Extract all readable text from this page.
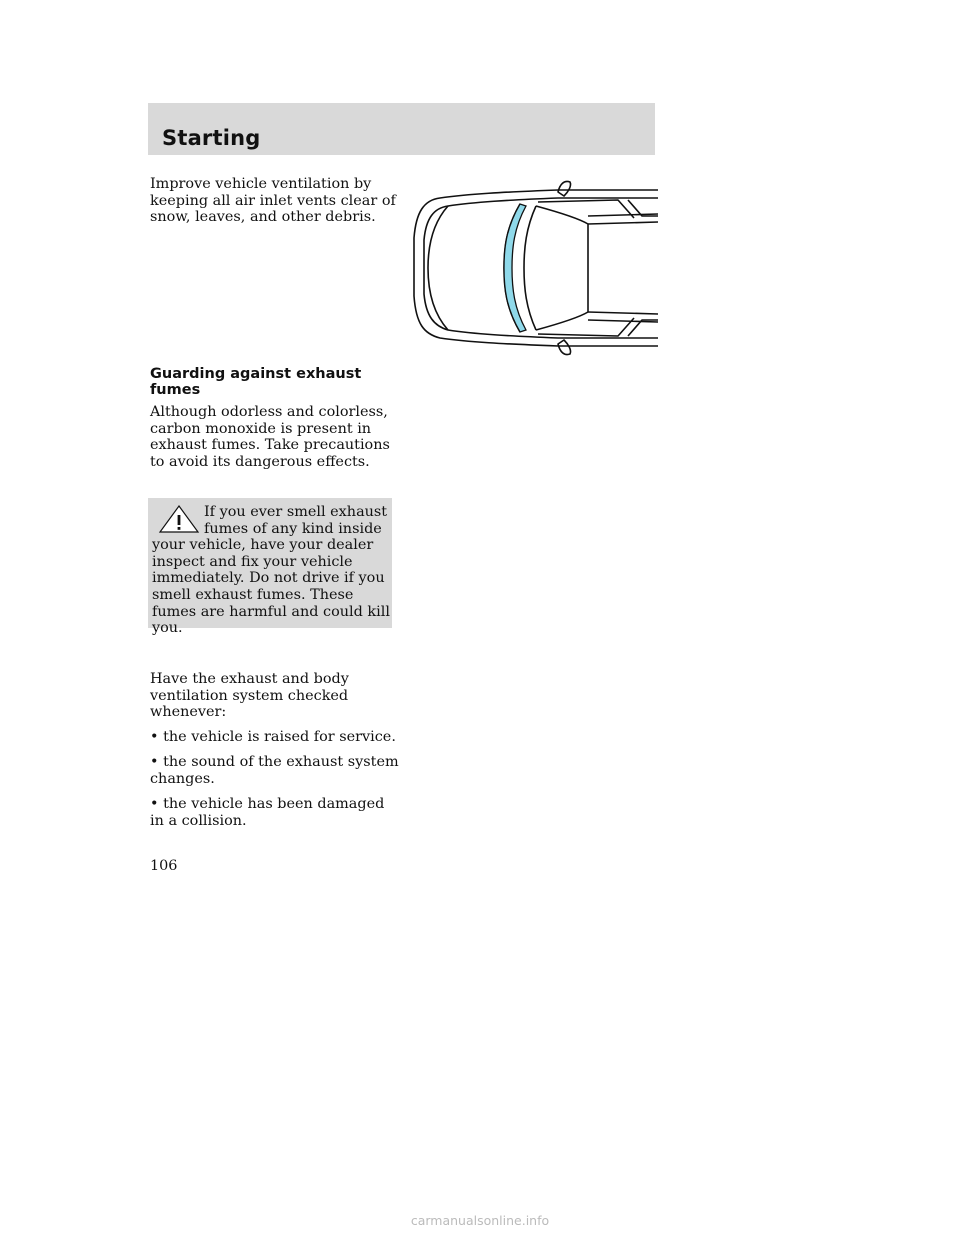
Starting
Improve vehicle ventilation by keeping all air inlet vents clear of snow, leaves, and other debris.
Guarding against exhaust fumes
Although odorless and colorless, carbon monoxide is present in exhaust fumes. Take precautions to avoid its dangerous effects.
If you ever smell exhaust fumes of any kind inside your vehicle, have your dealer inspect and fix your vehicle immediately. Do not drive if you smell exhaust fumes. These fumes are harmful and could kill you.
Have the exhaust and body ventilation system checked whenever:
• the vehicle is raised for service.
• the sound of the exhaust system changes.
• the vehicle has been damaged in a collision.
106
carmanualsonline.info
